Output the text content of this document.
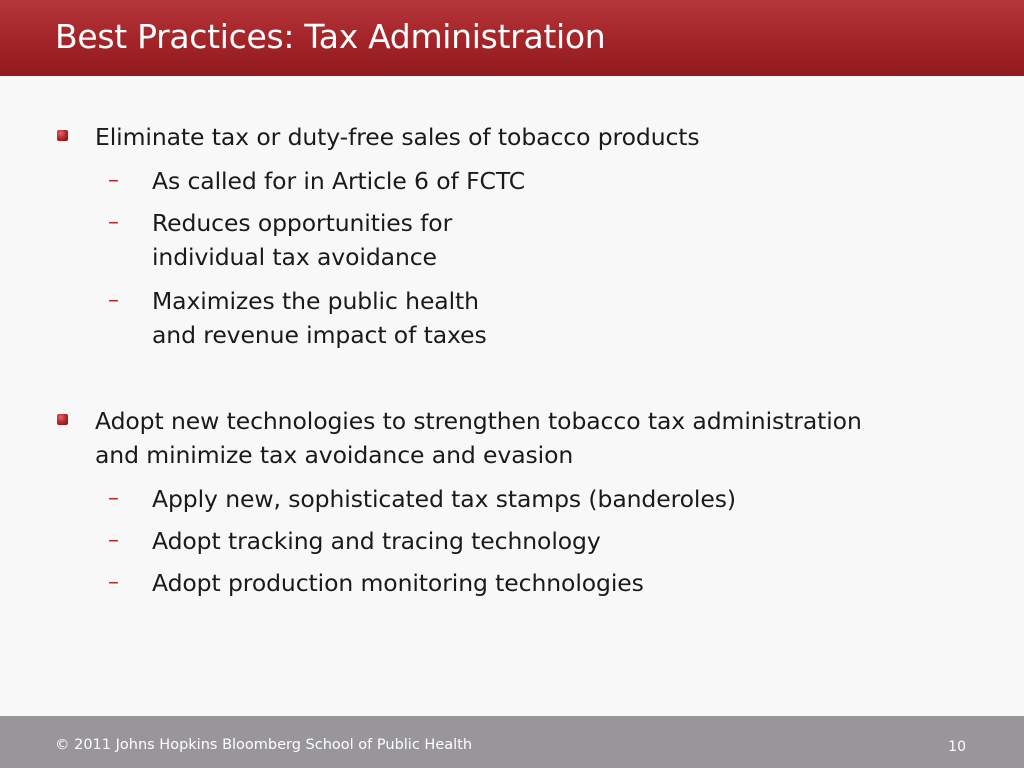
Best Practices: Tax Administration
Eliminate tax or duty-free sales of tobacco products
– As called for in Article 6 of FCTC
– Reduces opportunities for
individual tax avoidance
– Maximizes the public health
and revenue impact of taxes
Adopt new technologies to strengthen tobacco tax administration
and minimize tax avoidance and evasion
– Apply new, sophisticated tax stamps (banderoles)
– Adopt tracking and tracing technology
– Adopt production monitoring technologies
© 2011 Johns Hopkins Bloomberg School of Public Health	10
